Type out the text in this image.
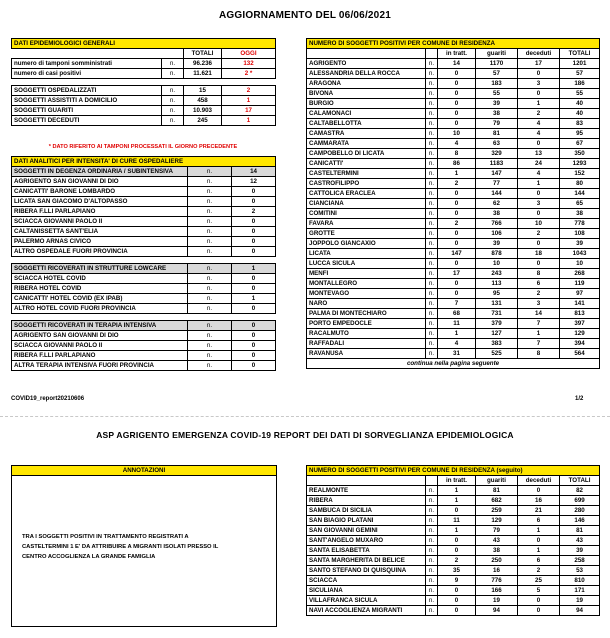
AGGIORNAMENTO DEL 06/06/2021
DATI EPIDEMIOLOGICI GENERALI			
		TOTALI	OGGI
numero di tamponi somministrati	n.	96.236	132
numero di casi positivi	n.	11.621	2 *

SOGGETTI OSPEDALIZZATI	n.	15	2
SOGGETTI ASSISTITI A DOMICILIO	n.	458	1
SOGGETTI GUARITI	n.	10.903	17
SOGGETTI DECEDUTI	n.	245	1
* DATO RIFERITO AI TAMPONI PROCESSATI IL GIORNO PRECEDENTE
DATI ANALITICI PER INTENSITA' DI CURE OSPEDALIERE		
SOGGETTI IN DEGENZA ORDINARIA / SUBINTENSIVA	n.	14
AGRIGENTO SAN GIOVANNI DI DIO	n.	12
CANICATTI' BARONE LOMBARDO	n.	0
LICATA SAN GIACOMO D'ALTOPASSO	n.	0
RIBERA F.LLI PARLAPIANO	n.	2
SCIACCA GIOVANNI PAOLO II	n.	0
CALTANISSETTA SANT'ELIA	n.	0
PALERMO ARNAS CIVICO	n.	0
ALTRO OSPEDALE FUORI PROVINCIA	n.	0

SOGGETTI RICOVERATI IN STRUTTURE LOWCARE	n.	1
SCIACCA HOTEL COVID	n.	0
RIBERA HOTEL COVID	n.	0
CANICATTI' HOTEL COVID (EX IPAB)	n.	1
ALTRO HOTEL COVID FUORI PROVINCIA	n.	0

SOGGETTI RICOVERATI IN TERAPIA INTENSIVA	n.	0
AGRIGENTO SAN GIOVANNI DI DIO	n.	0
SCIACCA GIOVANNI PAOLO II	n.	0
RIBERA F.LLI PARLAPIANO	n.	0
ALTRA TERAPIA INTENSIVA FUORI PROVINCIA	n.	0
NUMERO DI SOGGETTI POSITIVI PER COMUNE DI RESIDENZA					
		in tratt.	guariti	deceduti	TOTALI
AGRIGENTO	n.	14	1170	17	1201
ALESSANDRIA DELLA ROCCA	n.	0	57	0	57
ARAGONA	n.	0	183	3	186
BIVONA	n.	0	55	0	55
BURGIO	n.	0	39	1	40
CALAMONACI	n.	0	38	2	40
CALTABELLOTTA	n.	0	79	4	83
CAMASTRA	n.	10	81	4	95
CAMMARATA	n.	4	63	0	67
CAMPOBELLO DI LICATA	n.	8	329	13	350
CANICATTI'	n.	86	1183	24	1293
CASTELTERMINI	n.	1	147	4	152
CASTROFILIPPO	n.	2	77	1	80
CATTOLICA ERACLEA	n.	0	144	0	144
CIANCIANA	n.	0	62	3	65
COMITINI	n.	0	38	0	38
FAVARA	n.	2	766	10	778
GROTTE	n.	0	106	2	108
JOPPOLO GIANCAXIO	n.	0	39	0	39
LICATA	n.	147	878	18	1043
LUCCA SICULA	n.	0	10	0	10
MENFI	n.	17	243	8	268
MONTALLEGRO	n.	0	113	6	119
MONTEVAGO	n.	0	95	2	97
NARO	n.	7	131	3	141
PALMA DI MONTECHIARO	n.	68	731	14	813
PORTO EMPEDOCLE	n.	11	379	7	397
RACALMUTO	n.	1	127	1	129
RAFFADALI	n.	4	383	7	394
RAVANUSA	n.	31	525	8	564
continua nella pagina seguente					
COVID19_report20210606	1/2
ASP AGRIGENTO EMERGENZA COVID-19 REPORT DEI DATI DI SORVEGLIANZA EPIDEMIOLOGICA
ANNOTAZIONI
TRA I SOGGETTI POSITIVI IN TRATTAMENTO REGISTRATI A
CASTELTERMINI 1 E' DA ATTRIBUIRE A MIGRANTI ISOLATI PRESSO IL
CENTRO ACCOGLIENZA LA GRANDE FAMIGLIA
NUMERO DI SOGGETTI POSITIVI PER COMUNE DI RESIDENZA (seguito)					
		in tratt.	guariti	deceduti	TOTALI
REALMONTE	n.	1	81	0	82
RIBERA	n.	1	682	16	699
SAMBUCA DI SICILIA	n.	0	259	21	280
SAN BIAGIO PLATANI	n.	11	129	6	146
SAN GIOVANNI GEMINI	n.	1	79	1	81
SANT'ANGELO MUXARO	n.	0	43	0	43
SANTA ELISABETTA	n.	0	38	1	39
SANTA MARGHERITA DI BELICE	n.	2	250	6	258
SANTO STEFANO DI QUISQUINA	n.	35	16	2	53
SCIACCA	n.	9	776	25	810
SICULIANA	n.	0	166	5	171
VILLAFRANCA SICULA	n.	0	19	0	19
NAVI ACCOGLIENZA MIGRANTI	n.	0	94	0	94
